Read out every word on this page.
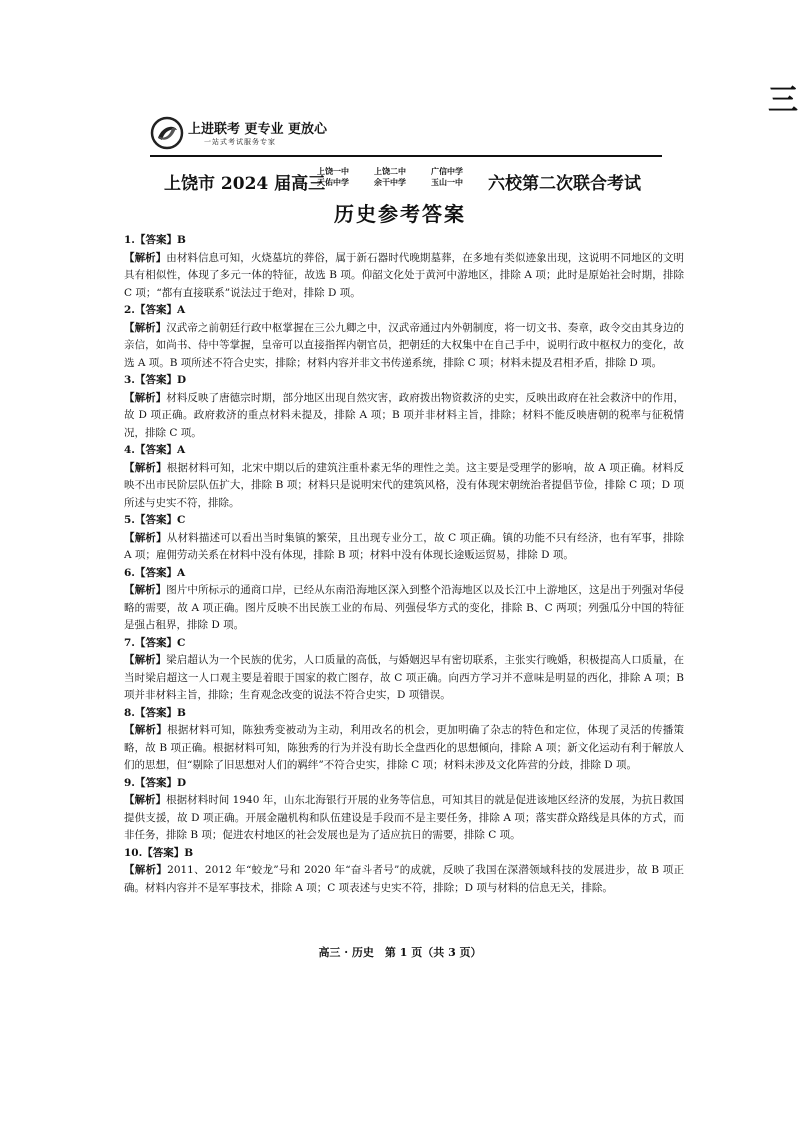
三
上进联考 更专业 更放心
一站式考试服务专家
上饶市 2024 届高三
上饶一中
天佑中学
上饶二中
余干中学
广信中学
玉山一中 六校第二次联合考试
历史参考答案
1.【答案】B
【解析】由材料信息可知，火烧墓坑的葬俗，属于新石器时代晚期墓葬，在多地有类似迹象出现，这说明不同地区的文明具有相似性，体现了多元一体的特征，故选 B 项。仰韶文化处于黄河中游地区，排除 A 项；此时是原始社会时期，排除 C 项；“都有直接联系”说法过于绝对，排除 D 项。
2.【答案】A
【解析】汉武帝之前朝廷行政中枢掌握在三公九卿之中，汉武帝通过内外朝制度，将一切文书、奏章，政令交由其身边的亲信，如尚书、侍中等掌握，皇帝可以直接指挥内朝官员，把朝廷的大权集中在自己手中，说明行政中枢权力的变化，故选 A 项。B 项所述不符合史实，排除；材料内容并非文书传递系统，排除 C 项；材料未提及君相矛盾，排除 D 项。
3.【答案】D
【解析】材料反映了唐德宗时期，部分地区出现自然灾害，政府拨出物资救济的史实，反映出政府在社会救济中的作用，故 D 项正确。政府救济的重点材料未提及，排除 A 项；B 项并非材料主旨，排除；材料不能反映唐朝的税率与征税情况，排除 C 项。
4.【答案】A
【解析】根据材料可知，北宋中期以后的建筑注重朴素无华的理性之美。这主要是受理学的影响，故 A 项正确。材料反映不出市民阶层队伍扩大，排除 B 项；材料只是说明宋代的建筑风格，没有体现宋朝统治者提倡节俭，排除 C 项；D 项所述与史实不符，排除。
5.【答案】C
【解析】从材料描述可以看出当时集镇的繁荣，且出现专业分工，故 C 项正确。镇的功能不只有经济，也有军事，排除 A 项；雇佣劳动关系在材料中没有体现，排除 B 项；材料中没有体现长途贩运贸易，排除 D 项。
6.【答案】A
【解析】图片中所标示的通商口岸，已经从东南沿海地区深入到整个沿海地区以及长江中上游地区，这是出于列强对华侵略的需要，故 A 项正确。图片反映不出民族工业的布局、列强侵华方式的变化，排除 B、C 两项；列强瓜分中国的特征是强占租界，排除 D 项。
7.【答案】C
【解析】梁启超认为一个民族的优劣，人口质量的高低，与婚姻迟早有密切联系，主张实行晚婚，积极提高人口质量，在当时梁启超这一人口观主要是着眼于国家的救亡图存，故 C 项正确。向西方学习并不意味是明显的西化，排除 A 项；B 项并非材料主旨，排除；生育观念改变的说法不符合史实，D 项错误。
8.【答案】B
【解析】根据材料可知，陈独秀变被动为主动，利用改名的机会，更加明确了杂志的特色和定位，体现了灵活的传播策略，故 B 项正确。根据材料可知，陈独秀的行为并没有助长全盘西化的思想倾向，排除 A 项；新文化运动有利于解放人们的思想，但“剔除了旧思想对人们的羁绊”不符合史实，排除 C 项；材料未涉及文化阵营的分歧，排除 D 项。
9.【答案】D
【解析】根据材料时间 1940 年，山东北海银行开展的业务等信息，可知其目的就是促进该地区经济的发展，为抗日救国提供支援，故 D 项正确。开展金融机构和队伍建设是手段而不是主要任务，排除 A 项；落实群众路线是具体的方式，而非任务，排除 B 项；促进农村地区的社会发展也是为了适应抗日的需要，排除 C 项。
10.【答案】B
【解析】2011、2012 年“蛟龙”号和 2020 年“奋斗者号”的成就，反映了我国在深潜领域科技的发展进步，故 B 项正确。材料内容并不是军事技术，排除 A 项；C 项表述与史实不符，排除；D 项与材料的信息无关，排除。
高三 · 历史　第 1 页（共 3 页）
